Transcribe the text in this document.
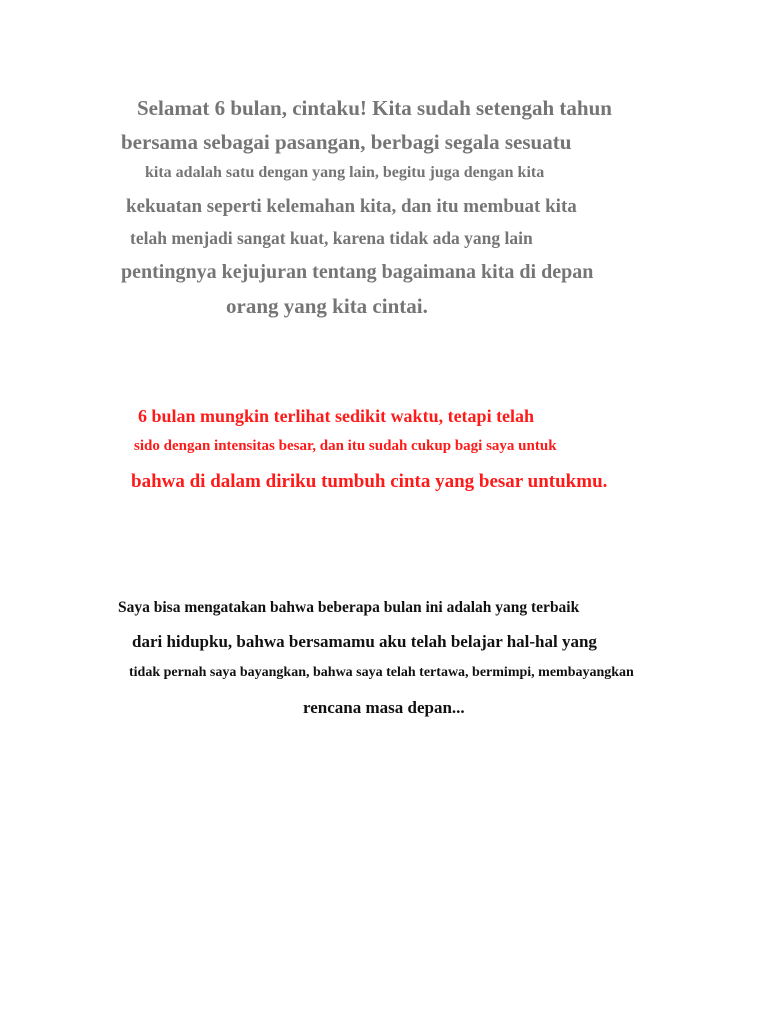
Selamat 6 bulan, cintaku! Kita sudah setengah tahun
bersama sebagai pasangan, berbagi segala sesuatu
kita adalah satu dengan yang lain, begitu juga dengan kita
kekuatan seperti kelemahan kita, dan itu membuat kita
telah menjadi sangat kuat, karena tidak ada yang lain
pentingnya kejujuran tentang bagaimana kita di depan
orang yang kita cintai.
6 bulan mungkin terlihat sedikit waktu, tetapi telah
sido dengan intensitas besar, dan itu sudah cukup bagi saya untuk
bahwa di dalam diriku tumbuh cinta yang besar untukmu.
Saya bisa mengatakan bahwa beberapa bulan ini adalah yang terbaik
dari hidupku, bahwa bersamamu aku telah belajar hal-hal yang
tidak pernah saya bayangkan, bahwa saya telah tertawa, bermimpi, membayangkan
rencana masa depan...
